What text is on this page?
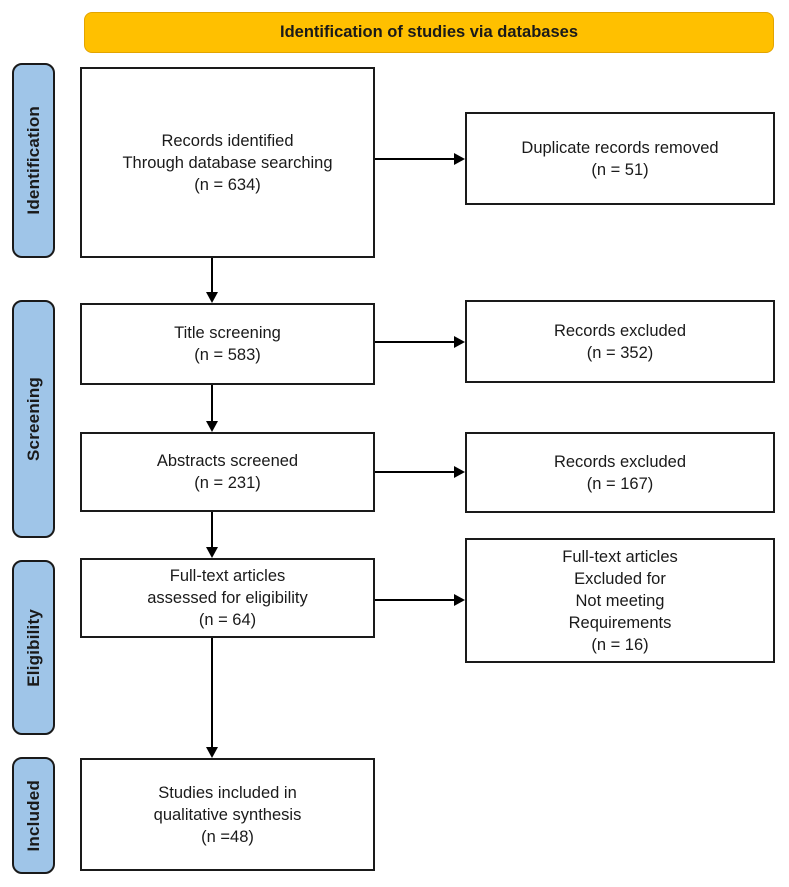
Identification of studies via databases
Identification
Screening
Eligibility
Included
Records identified
Through database searching
(n = 634)
Title screening
(n = 583)
Abstracts screened
(n = 231)
Full-text articles
assessed for eligibility
(n = 64)
Studies included in
qualitative synthesis
(n =48)
Duplicate records removed
(n = 51)
Records excluded
(n = 352)
Records excluded
(n = 167)
Full-text articles
Excluded for
Not meeting
Requirements
(n = 16)
